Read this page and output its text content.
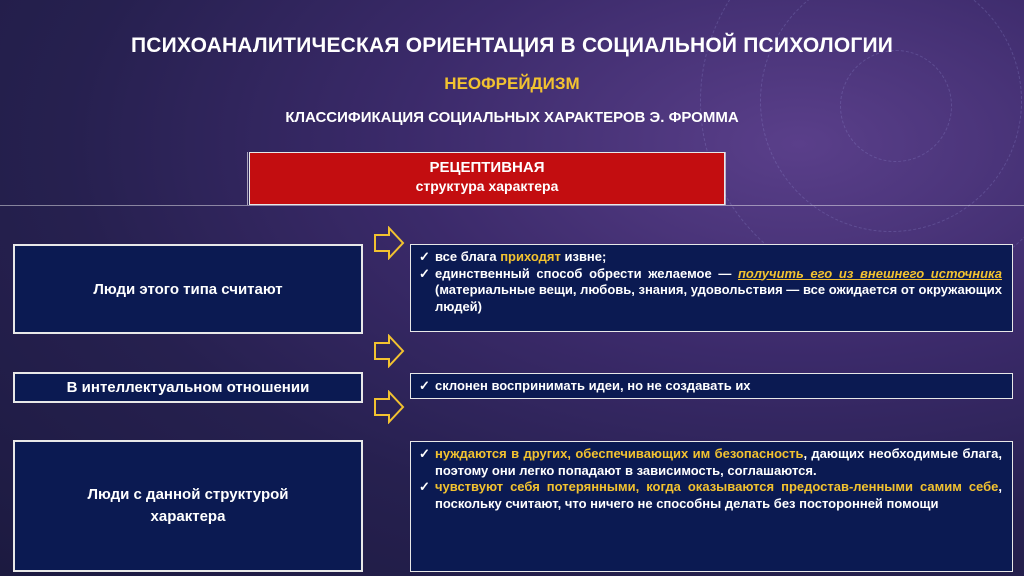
ПСИХОАНАЛИТИЧЕСКАЯ ОРИЕНТАЦИЯ В СОЦИАЛЬНОЙ ПСИХОЛОГИИ
НЕОФРЕЙДИЗМ
КЛАССИФИКАЦИЯ СОЦИАЛЬНЫХ ХАРАКТЕРОВ Э. ФРОММА
РЕЦЕПТИВНАЯ
структура характера
Люди этого типа считают
✓ все блага приходят извне;
✓ единственный способ обрести желаемое — получить его из внешнего источника (материальные вещи, любовь, знания, удовольствия — все ожидается от окружающих людей)
В интеллектуальном отношении	✓ склонен воспринимать идеи, но не создавать их
Люди с данной структурой характера
✓ нуждаются в других, обеспечивающих им безопасность, дающих необходимые блага, поэтому они легко попадают в зависимость, соглашаются.
✓ чувствуют себя потерянными, когда оказываются предостав-ленными самим себе, поскольку считают, что ничего не способны делать без посторонней помощи
